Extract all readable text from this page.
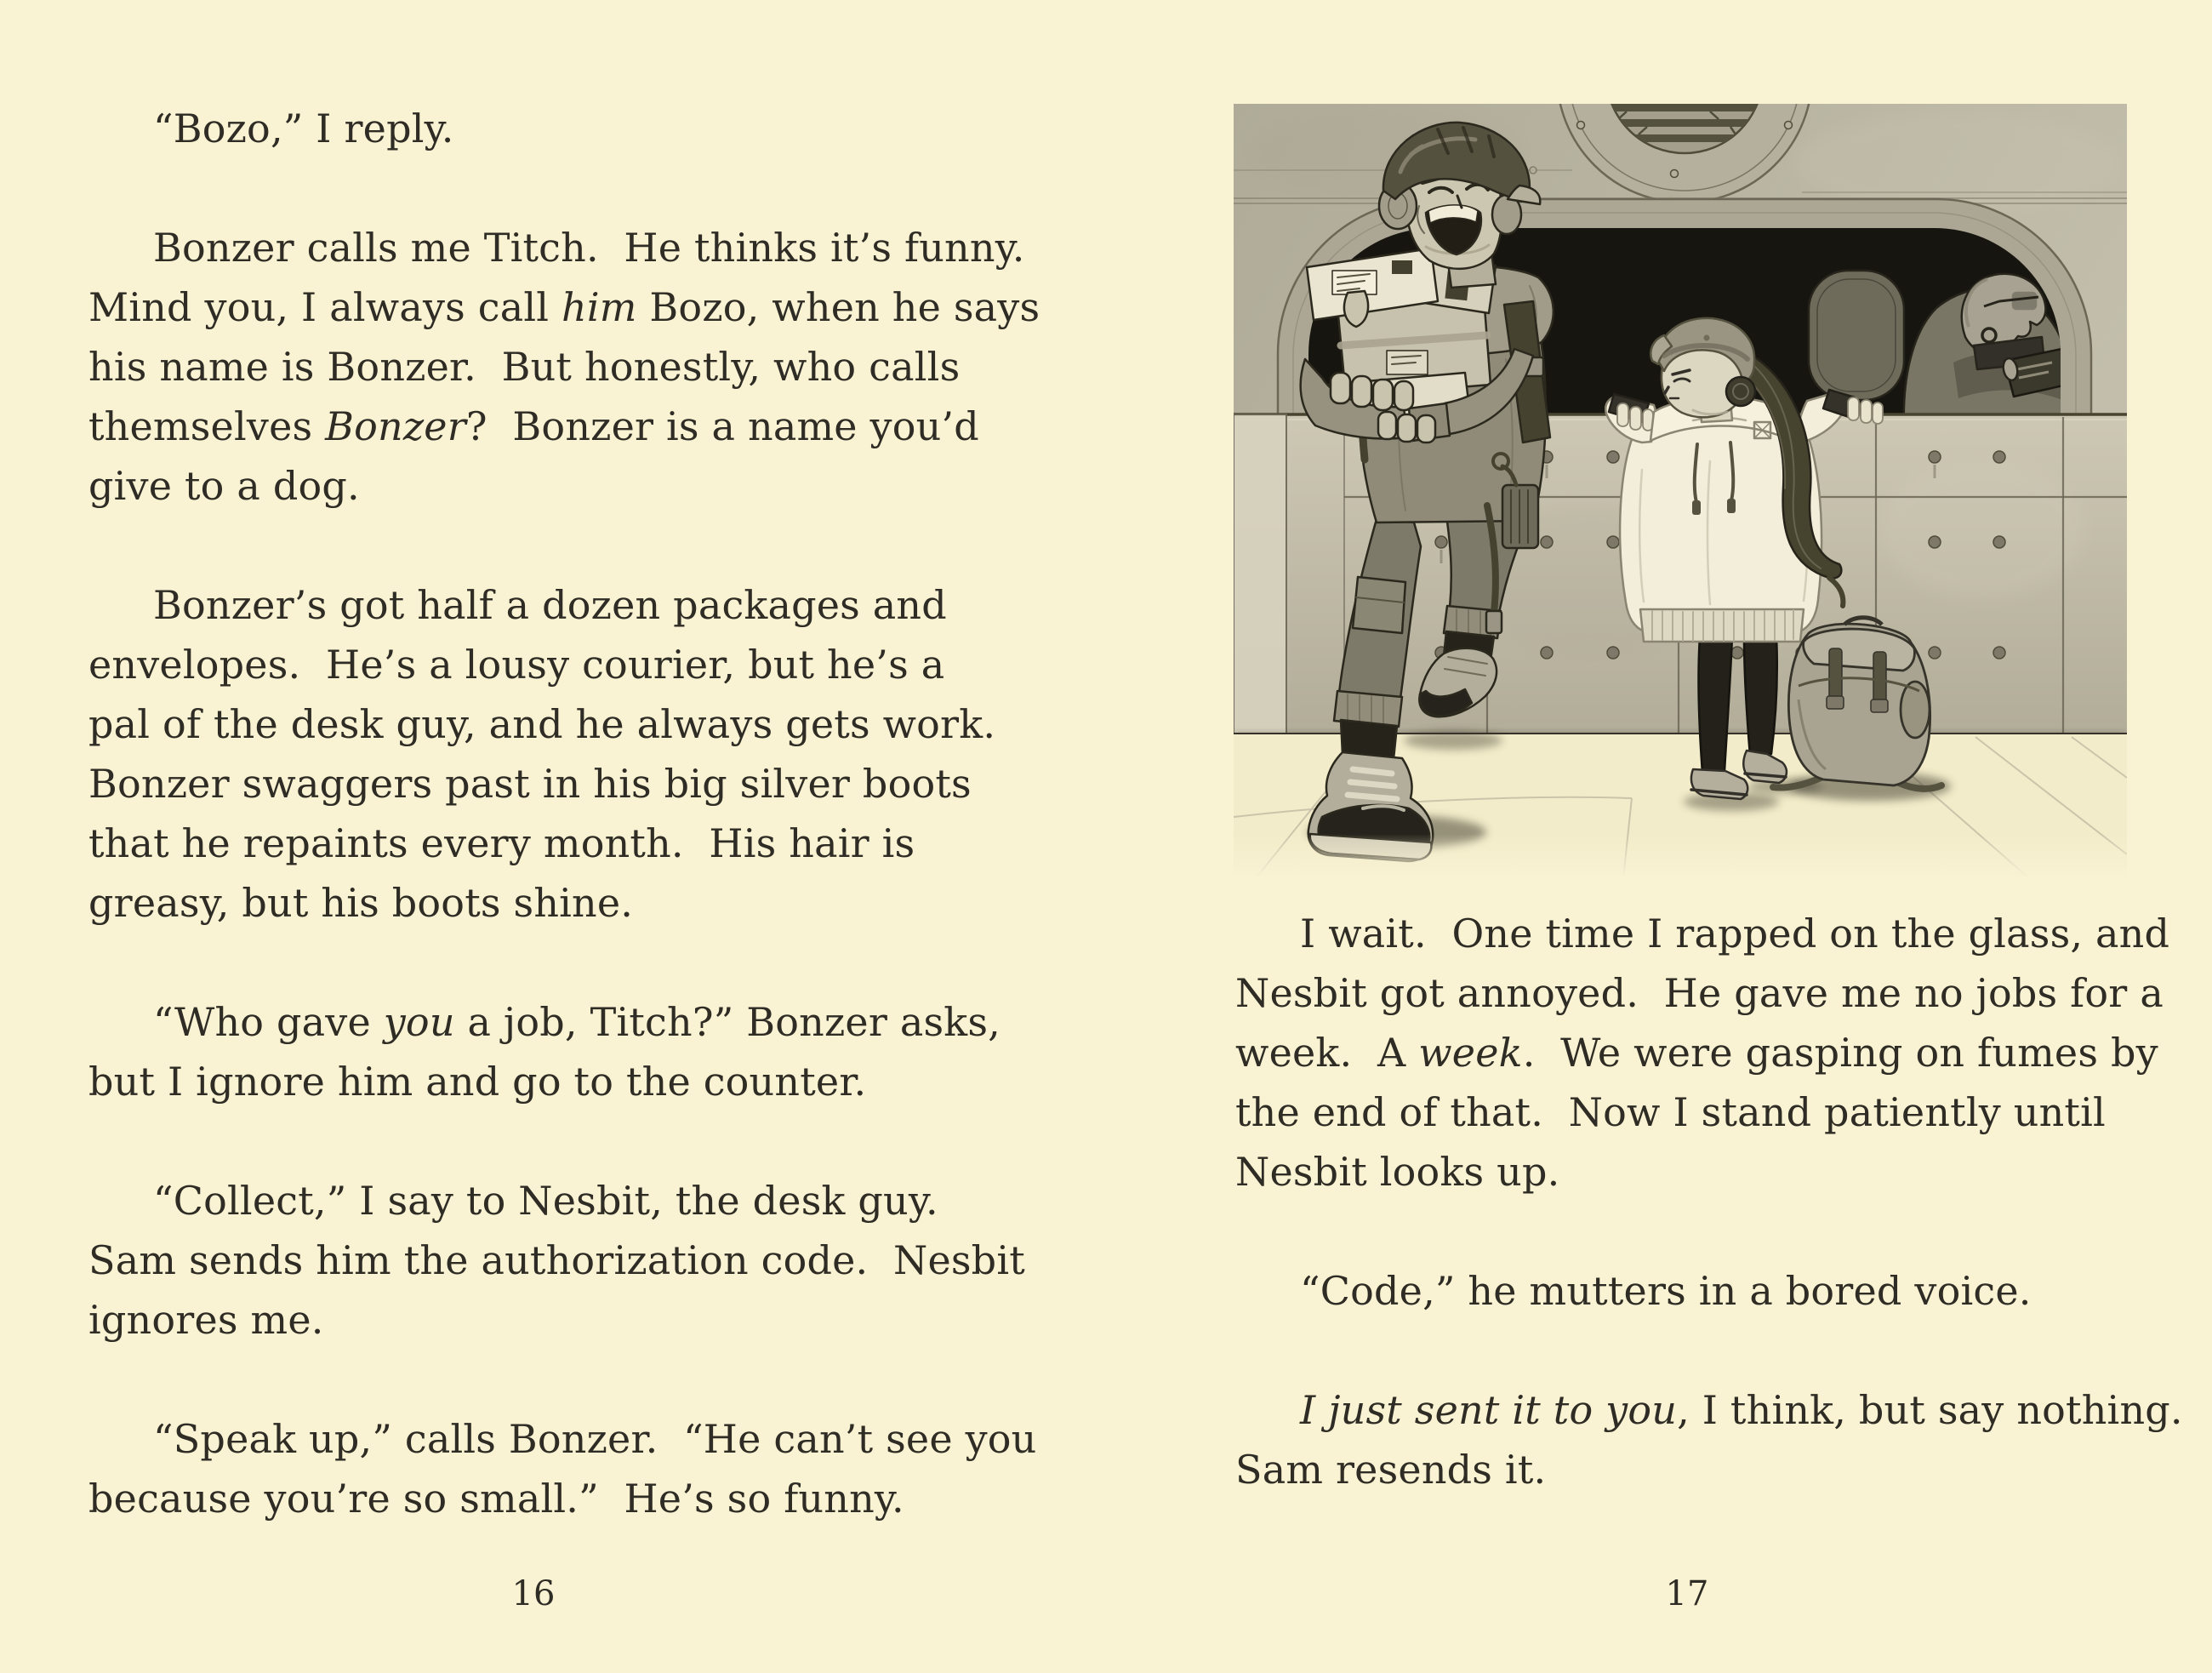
“Bozo,” I reply.
Bonzer calls me Titch.  He thinks it’s funny.
Mind you, I always call him Bozo, when he says
his name is Bonzer.  But honestly, who calls
themselves Bonzer?  Bonzer is a name you’d
give to a dog.
Bonzer’s got half a dozen packages and
envelopes.  He’s a lousy courier, but he’s a
pal of the desk guy, and he always gets work.
Bonzer swaggers past in his big silver boots
that he repaints every month.  His hair is
greasy, but his boots shine.
“Who gave you a job, Titch?” Bonzer asks,
but I ignore him and go to the counter.
“Collect,” I say to Nesbit, the desk guy.
Sam sends him the authorization code.  Nesbit
ignores me.
“Speak up,” calls Bonzer.  “He can’t see you
because you’re so small.”  He’s so funny.
16
I wait.  One time I rapped on the glass, and
Nesbit got annoyed.  He gave me no jobs for a
week.  A week.  We were gasping on fumes by
the end of that.  Now I stand patiently until
Nesbit looks up.
“Code,” he mutters in a bored voice.
I just sent it to you, I think, but say nothing.
Sam resends it.
17
